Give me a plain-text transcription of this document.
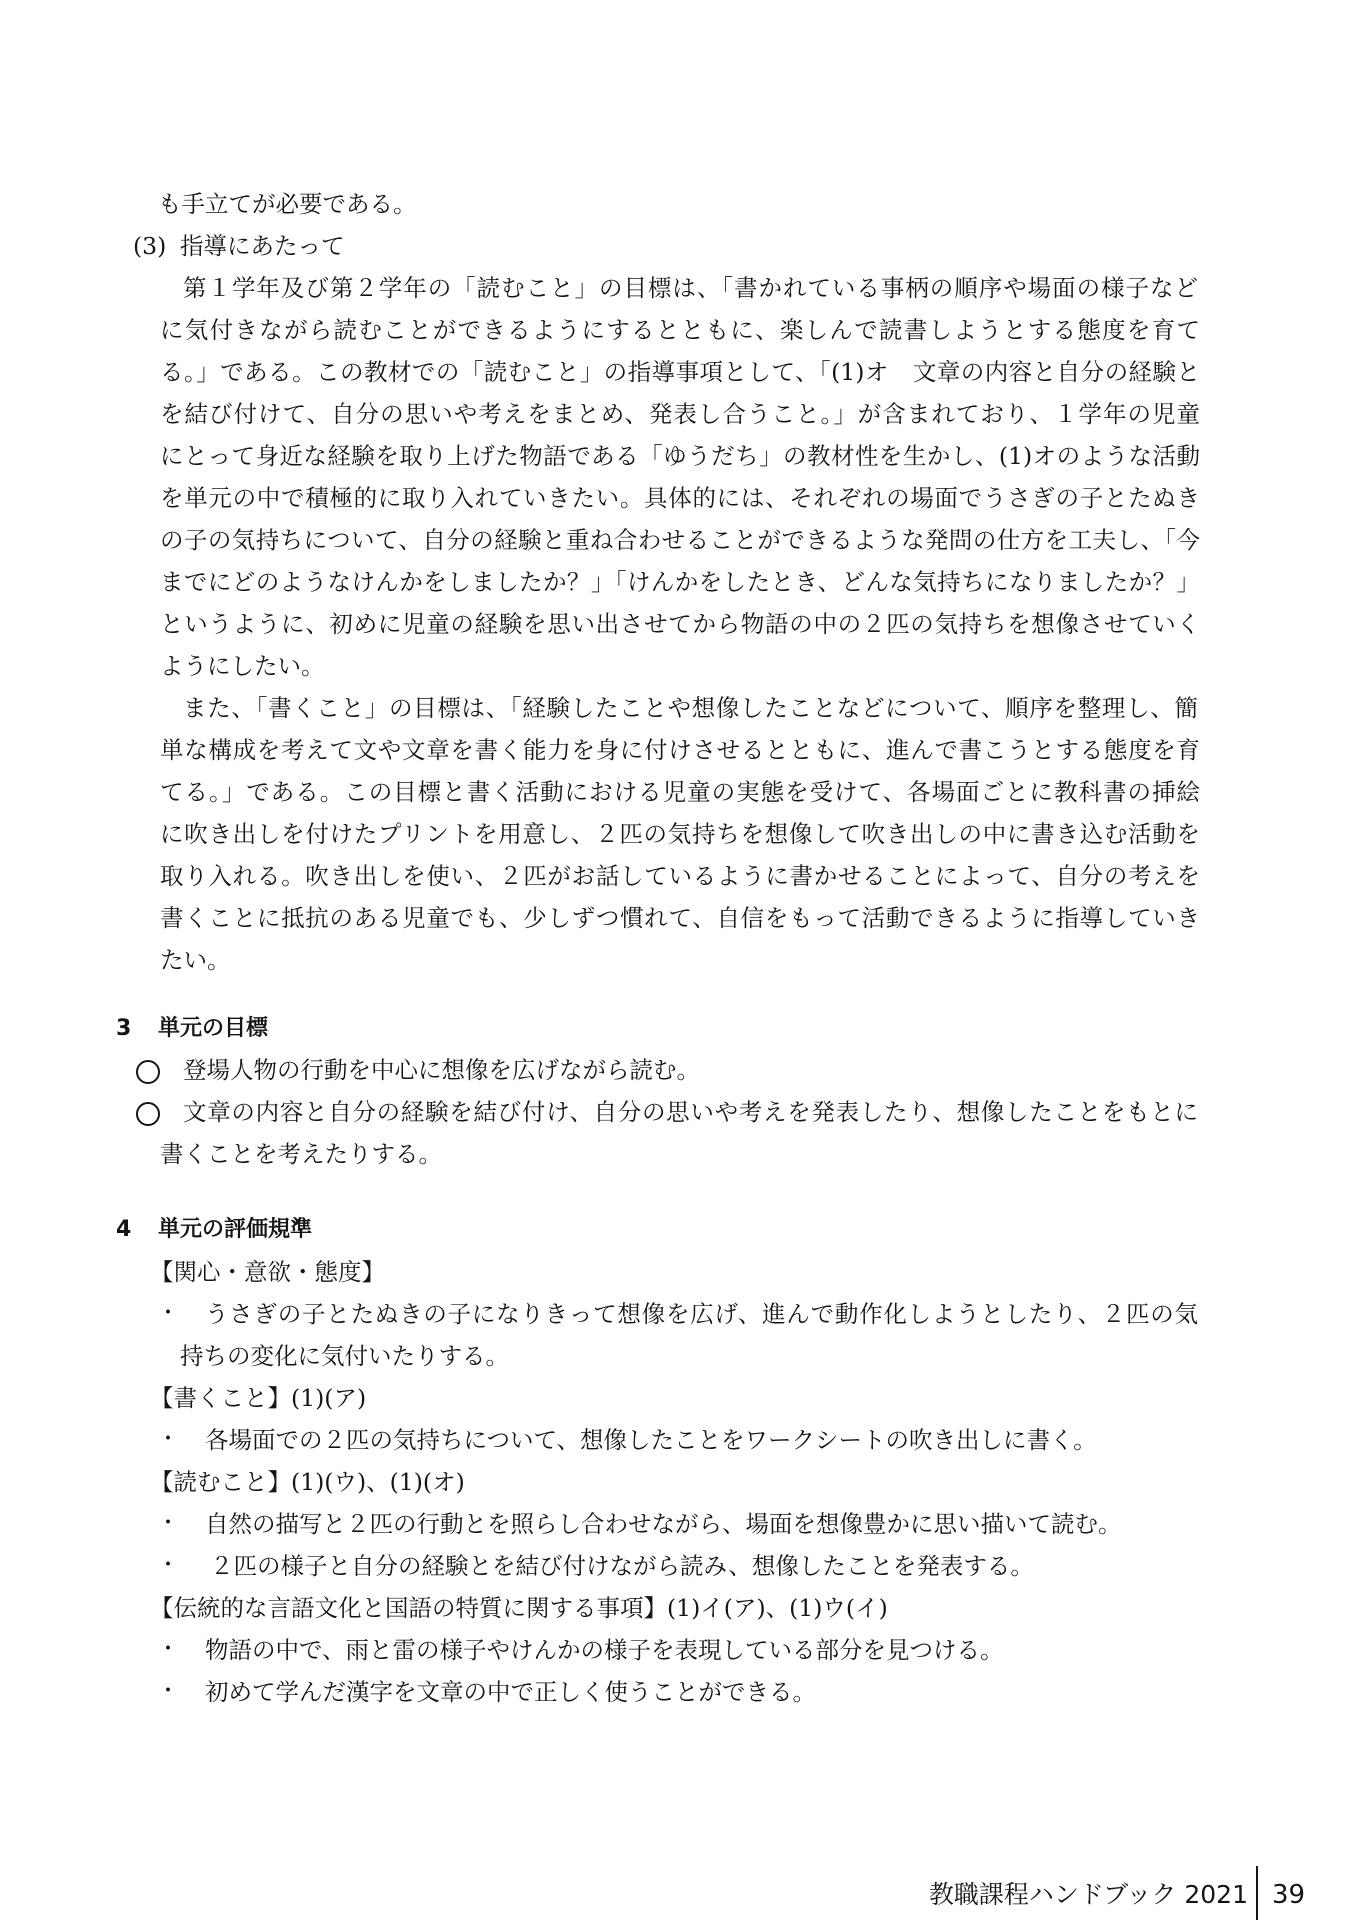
も手立てが必要である。
(3) 指導にあたって
第１学年及び第２学年の「読むこと」の目標は、「書かれている事柄の順序や場面の様子など
に気付きながら読むことができるようにするとともに、楽しんで読書しようとする態度を育て
る。」である。この教材での「読むこと」の指導事項として、「(1)オ　文章の内容と自分の経験と
を結び付けて、自分の思いや考えをまとめ、発表し合うこと。」が含まれており、１学年の児童
にとって身近な経験を取り上げた物語である「ゆうだち」の教材性を生かし、(1)オのような活動
を単元の中で積極的に取り入れていきたい。具体的には、それぞれの場面でうさぎの子とたぬき
の子の気持ちについて、自分の経験と重ね合わせることができるような発問の仕方を工夫し、「今
までにどのようなけんかをしましたか？」「けんかをしたとき、どんな気持ちになりましたか？」
というように、初めに児童の経験を思い出させてから物語の中の２匹の気持ちを想像させていく
ようにしたい。
また、「書くこと」の目標は、「経験したことや想像したことなどについて、順序を整理し、簡
単な構成を考えて文や文章を書く能力を身に付けさせるとともに、進んで書こうとする態度を育
てる。」である。この目標と書く活動における児童の実態を受けて、各場面ごとに教科書の挿絵
に吹き出しを付けたプリントを用意し、２匹の気持ちを想像して吹き出しの中に書き込む活動を
取り入れる。吹き出しを使い、２匹がお話しているように書かせることによって、自分の考えを
書くことに抵抗のある児童でも、少しずつ慣れて、自信をもって活動できるように指導していき
たい。
3	単元の目標
登場人物の行動を中心に想像を広げながら読む。
文章の内容と自分の経験を結び付け、自分の思いや考えを発表したり、想像したことをもとに
書くことを考えたりする。
4	単元の評価規準
【関心・意欲・態度】
・ うさぎの子とたぬきの子になりきって想像を広げ、進んで動作化しようとしたり、２匹の気
持ちの変化に気付いたりする。
【書くこと】(1)(ア)
・ 各場面での２匹の気持ちについて、想像したことをワークシートの吹き出しに書く。
【読むこと】(1)(ウ)、(1)(オ)
・ 自然の描写と２匹の行動とを照らし合わせながら、場面を想像豊かに思い描いて読む。
・ ２匹の様子と自分の経験とを結び付けながら読み、想像したことを発表する。
【伝統的な言語文化と国語の特質に関する事項】(1)イ(ア)、(1)ウ(イ)
・ 物語の中で、雨と雷の様子やけんかの様子を表現している部分を見つける。
・ 初めて学んだ漢字を文章の中で正しく使うことができる。
教職課程ハンドブック 2021 39
